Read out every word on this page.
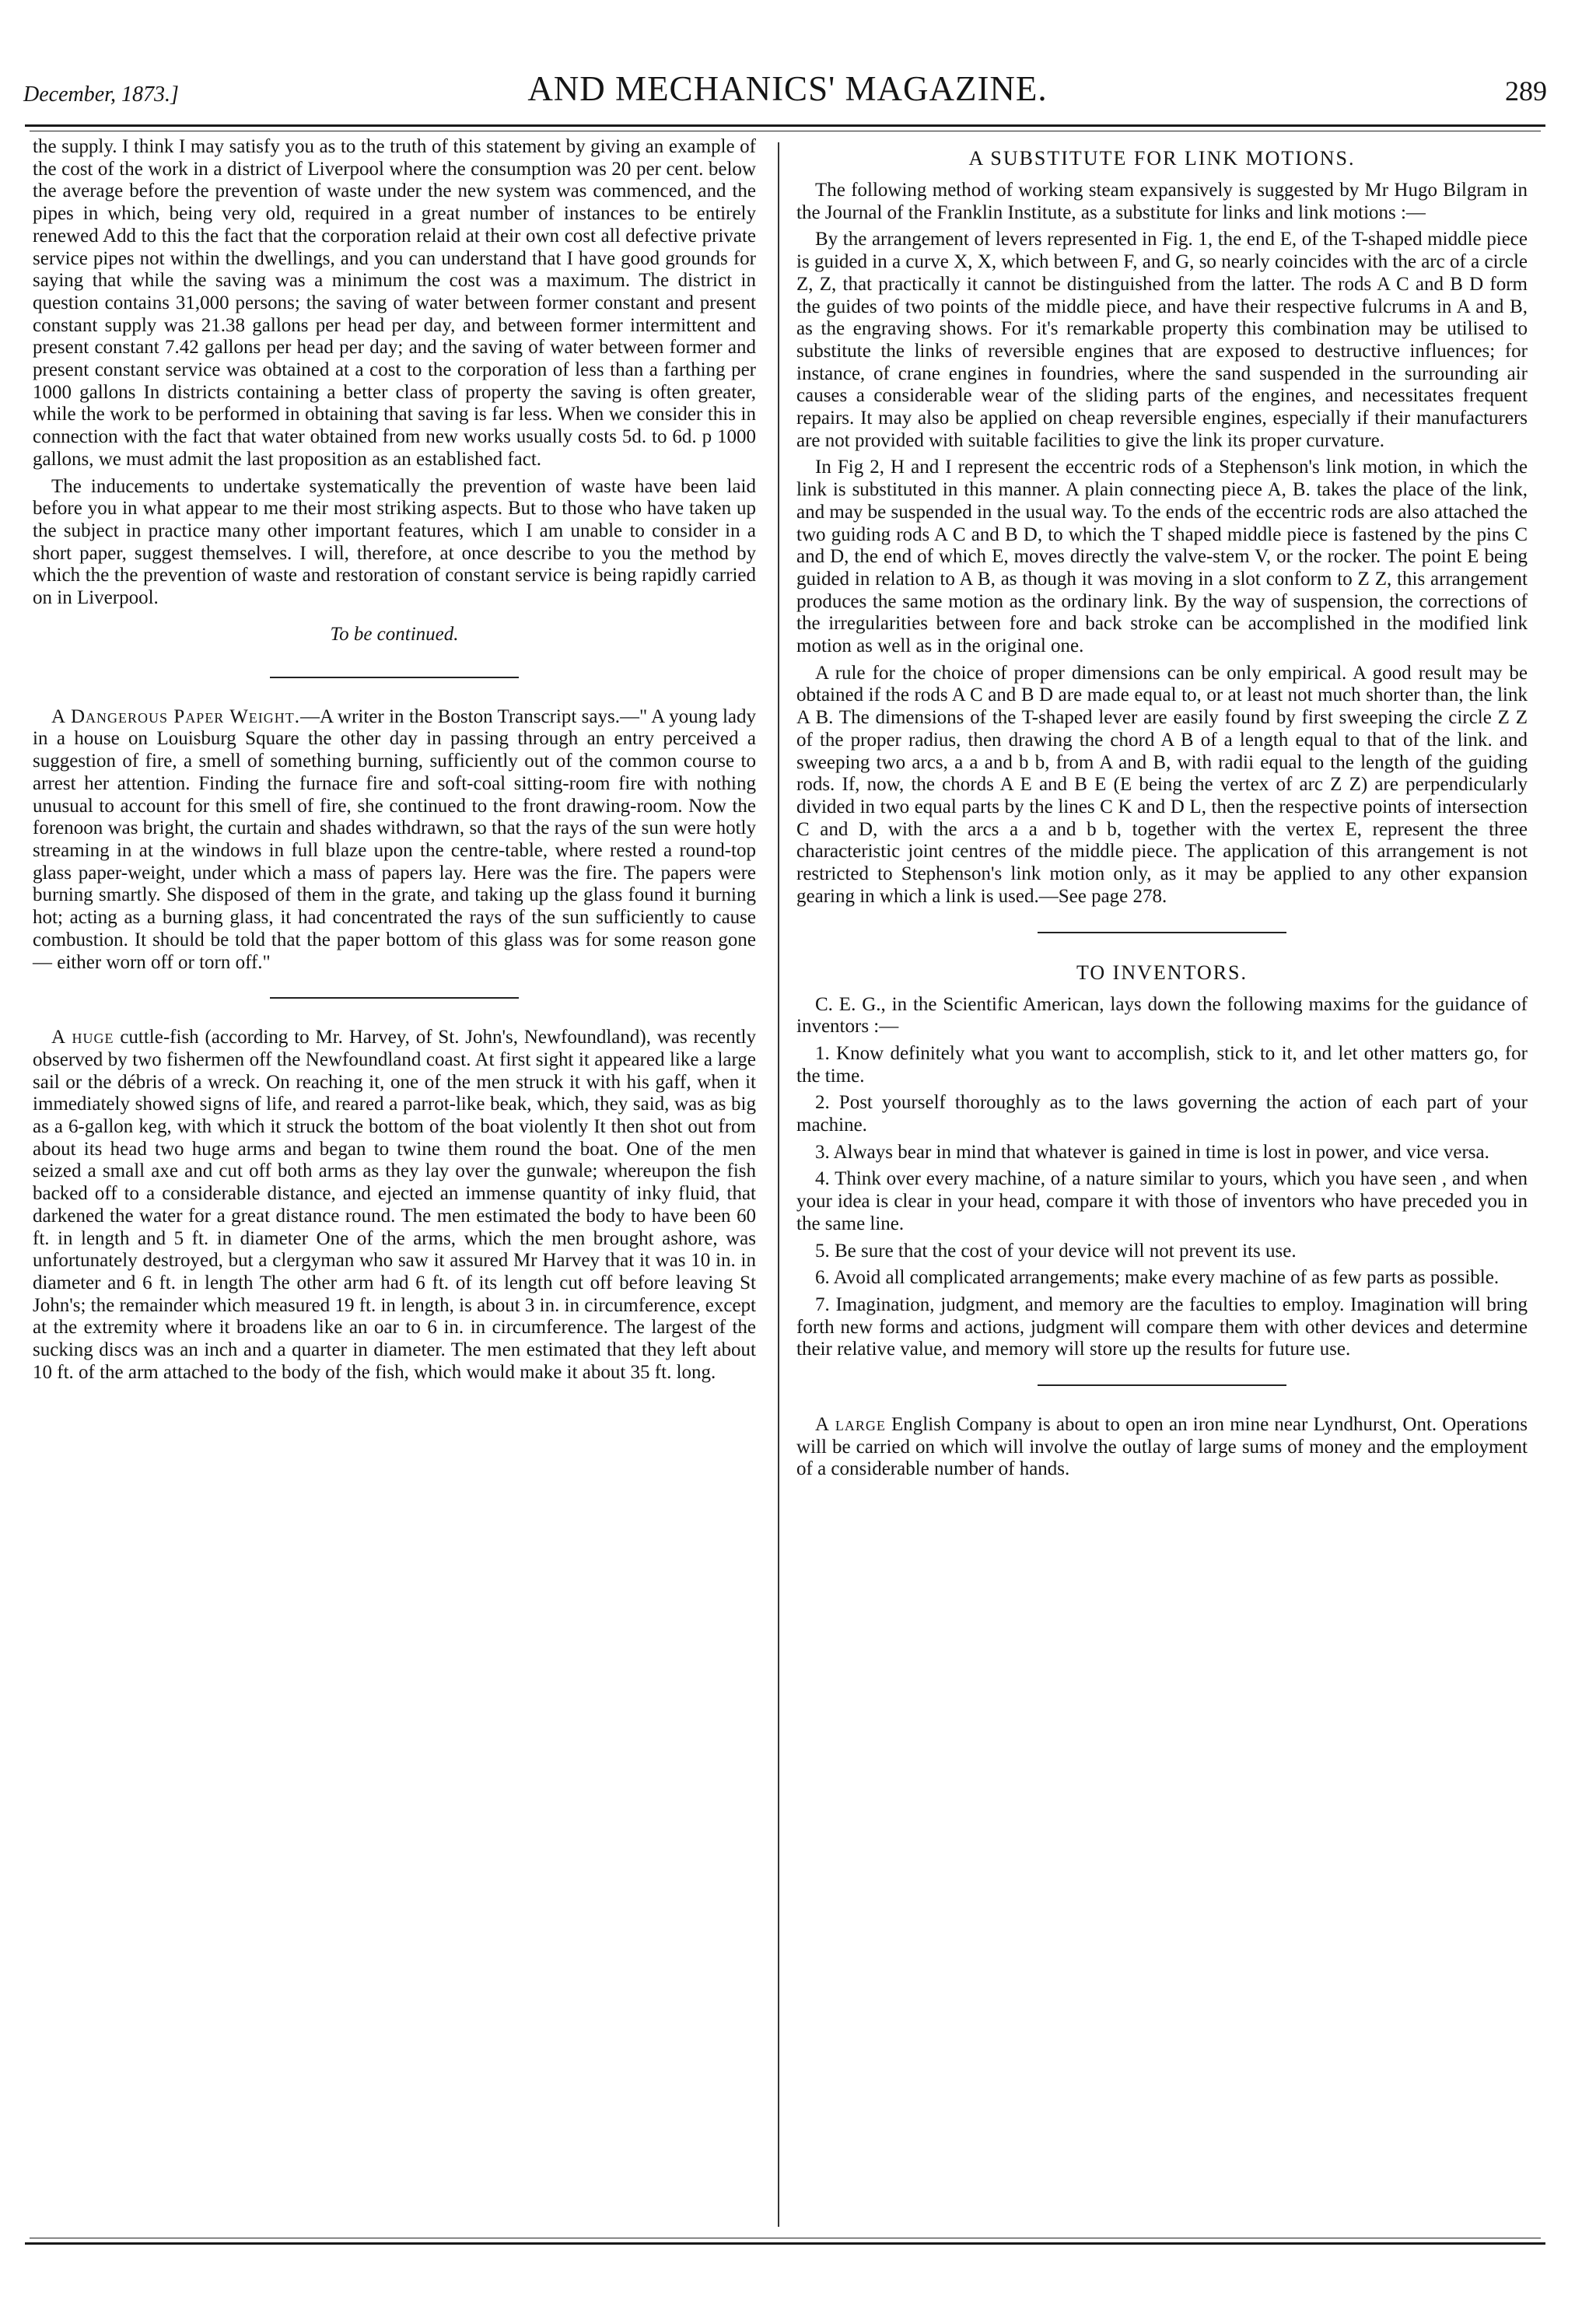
December, 1873.]	AND MECHANICS' MAGAZINE.	289

the supply. I think I may satisfy you as to the truth of this statement by giving an example of the cost of the work in a district of Liverpool where the consumption was 20 per cent. below the average before the prevention of waste under the new system was commenced, and the pipes in which, being very old, required in a great number of instances to be entirely renewed Add to this the fact that the corporation relaid at their own cost all defective private service pipes not within the dwellings, and you can understand that I have good grounds for saying that while the saving was a minimum the cost was a maximum. The district in question contains 31,000 persons; the saving of water between former constant and present constant supply was 21.38 gallons per head per day, and between former intermittent and present constant 7.42 gallons per head per day; and the saving of water between former and present constant service was obtained at a cost to the corporation of less than a farthing per 1000 gallons In districts containing a better class of property the saving is often greater, while the work to be performed in obtaining that saving is far less. When we consider this in connection with the fact that water obtained from new works usually costs 5d. to 6d. p 1000 gallons, we must admit the last proposition as an established fact.

The inducements to undertake systematically the prevention of waste have been laid before you in what appear to me their most striking aspects. But to those who have taken up the subject in practice many other important features, which I am unable to consider in a short paper, suggest themselves. I will, therefore, at once describe to you the method by which the the prevention of waste and restoration of constant service is being rapidly carried on in Liverpool.

To be continued.

A Dangerous Paper Weight.—A writer in the Boston Transcript says.—" A young lady in a house on Louisburg Square the other day in passing through an entry perceived a suggestion of fire, a smell of something burning, sufficiently out of the common course to arrest her attention. Finding the furnace fire and soft-coal sitting-room fire with nothing unusual to account for this smell of fire, she continued to the front drawing-room. Now the forenoon was bright, the curtain and shades withdrawn, so that the rays of the sun were hotly streaming in at the windows in full blaze upon the centre-table, where rested a round-top glass paper-weight, under which a mass of papers lay. Here was the fire. The papers were burning smartly. She disposed of them in the grate, and taking up the glass found it burning hot; acting as a burning glass, it had concentrated the rays of the sun sufficiently to cause combustion. It should be told that the paper bottom of this glass was for some reason gone — either worn off or torn off."

A huge cuttle-fish (according to Mr. Harvey, of St. John's, Newfoundland), was recently observed by two fishermen off the Newfoundland coast. At first sight it appeared like a large sail or the débris of a wreck. On reaching it, one of the men struck it with his gaff, when it immediately showed signs of life, and reared a parrot-like beak, which, they said, was as big as a 6-gallon keg, with which it struck the bottom of the boat violently It then shot out from about its head two huge arms and began to twine them round the boat. One of the men seized a small axe and cut off both arms as they lay over the gunwale; whereupon the fish backed off to a considerable distance, and ejected an immense quantity of inky fluid, that darkened the water for a great distance round. The men estimated the body to have been 60 ft. in length and 5 ft. in diameter One of the arms, which the men brought ashore, was unfortunately destroyed, but a clergyman who saw it assured Mr Harvey that it was 10 in. in diameter and 6 ft. in length The other arm had 6 ft. of its length cut off before leaving St John's; the remainder which measured 19 ft. in length, is about 3 in. in circumference, except at the extremity where it broadens like an oar to 6 in. in circumference. The largest of the sucking discs was an inch and a quarter in diameter. The men estimated that they left about 10 ft. of the arm attached to the body of the fish, which would make it about 35 ft. long.

A SUBSTITUTE FOR LINK MOTIONS.

The following method of working steam expansively is suggested by Mr Hugo Bilgram in the Journal of the Franklin Institute, as a substitute for links and link motions :—

By the arrangement of levers represented in Fig. 1, the end E, of the T-shaped middle piece is guided in a curve X, X, which between F, and G, so nearly coincides with the arc of a circle Z, Z, that practically it cannot be distinguished from the latter. The rods A C and B D form the guides of two points of the middle piece, and have their respective fulcrums in A and B, as the engraving shows. For it's remarkable property this combination may be utilised to substitute the links of reversible engines that are exposed to destructive influences; for instance, of crane engines in foundries, where the sand suspended in the surrounding air causes a considerable wear of the sliding parts of the engines, and necessitates frequent repairs. It may also be applied on cheap reversible engines, especially if their manufacturers are not provided with suitable facilities to give the link its proper curvature.

In Fig 2, H and I represent the eccentric rods of a Stephenson's link motion, in which the link is substituted in this manner. A plain connecting piece A, B. takes the place of the link, and may be suspended in the usual way. To the ends of the eccentric rods are also attached the two guiding rods A C and B D, to which the T shaped middle piece is fastened by the pins C and D, the end of which E, moves directly the valve-stem V, or the rocker. The point E being guided in relation to A B, as though it was moving in a slot conform to Z Z, this arrangement produces the same motion as the ordinary link. By the way of suspension, the corrections of the irregularities between fore and back stroke can be accomplished in the modified link motion as well as in the original one.

A rule for the choice of proper dimensions can be only empirical. A good result may be obtained if the rods A C and B D are made equal to, or at least not much shorter than, the link A B. The dimensions of the T-shaped lever are easily found by first sweeping the circle Z Z of the proper radius, then drawing the chord A B of a length equal to that of the link. and sweeping two arcs, a a and b b, from A and B, with radii equal to the length of the guiding rods. If, now, the chords A E and B E (E being the vertex of arc Z Z) are perpendicularly divided in two equal parts by the lines C K and D L, then the respective points of intersection C and D, with the arcs a a and b b, together with the vertex E, represent the three characteristic joint centres of the middle piece. The application of this arrangement is not restricted to Stephenson's link motion only, as it may be applied to any other expansion gearing in which a link is used.—See page 278.

TO INVENTORS.

C. E. G., in the Scientific American, lays down the following maxims for the guidance of inventors :—

1. Know definitely what you want to accomplish, stick to it, and let other matters go, for the time.

2. Post yourself thoroughly as to the laws governing the action of each part of your machine.

3. Always bear in mind that whatever is gained in time is lost in power, and vice versa.

4. Think over every machine, of a nature similar to yours, which you have seen , and when your idea is clear in your head, compare it with those of inventors who have preceded you in the same line.

5. Be sure that the cost of your device will not prevent its use.

6. Avoid all complicated arrangements; make every machine of as few parts as possible.

7. Imagination, judgment, and memory are the faculties to employ. Imagination will bring forth new forms and actions, judgment will compare them with other devices and determine their relative value, and memory will store up the results for future use.

A large English Company is about to open an iron mine near Lyndhurst, Ont. Operations will be carried on which will involve the outlay of large sums of money and the employment of a considerable number of hands.
